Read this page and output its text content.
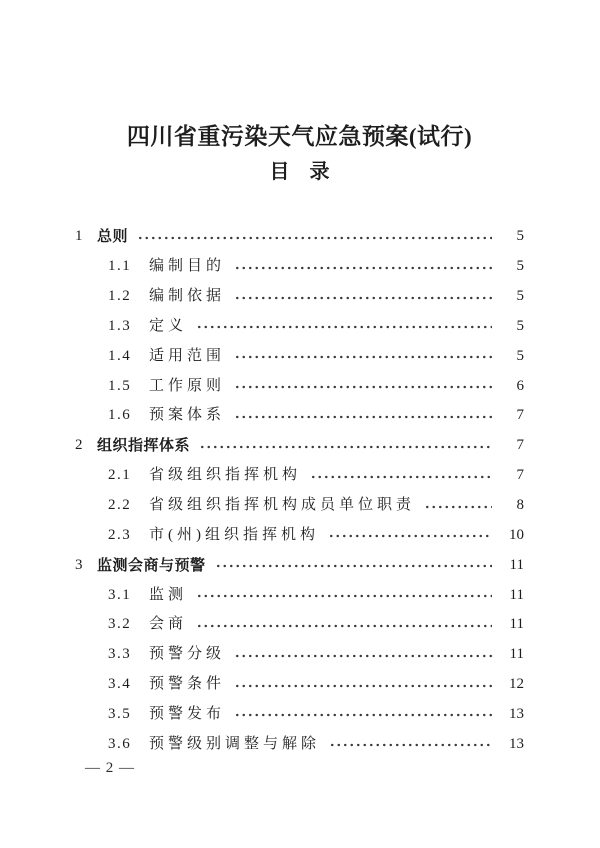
四川省重污染天气应急预案(试行)
目　录
1 总则	5
1.1	编制目的	5
1.2	编制依据	5
1.3	定义	5
1.4	适用范围	5
1.5	工作原则	6
1.6	预案体系	7
2 组织指挥体系	7
2.1	省级组织指挥机构	7
2.2	省级组织指挥机构成员单位职责	8
2.3	市(州)组织指挥机构	10
3 监测会商与预警	11
3.1	监测	11
3.2	会商	11
3.3	预警分级	11
3.4	预警条件	12
3.5	预警发布	13
3.6	预警级别调整与解除	13
— 2 —
